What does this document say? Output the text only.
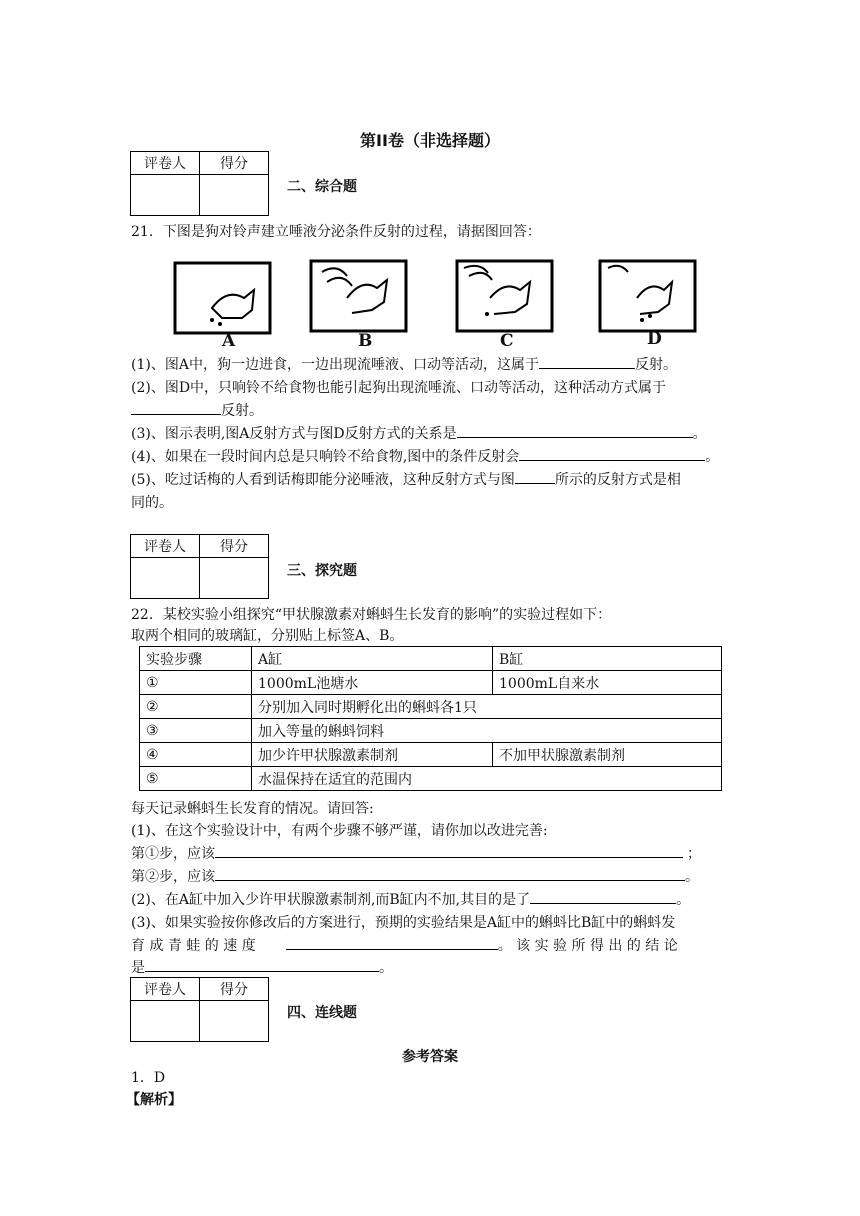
第II卷（非选择题）
评卷人	得分

二、综合题
21．下图是狗对铃声建立唾液分泌条件反射的过程，请据图回答：
A	B	C	D
(1)、图A中，狗一边进食，一边出现流唾液、口动等活动，这属于	反射。
(2)、图D中，只响铃不给食物也能引起狗出现流唾流、口动等活动，这种活动方式属于
反射。
(3)、图示表明,图A反射方式与图D反射方式的关系是	。
(4)、如果在一段时间内总是只响铃不给食物,图中的条件反射会	。
(5)、吃过话梅的人看到话梅即能分泌唾液，这种反射方式与图	所示的反射方式是相
同的。
评卷人	得分

三、探究题
22．某校实验小组探究“甲状腺激素对蝌蚪生长发育的影响”的实验过程如下：
取两个相同的玻璃缸，分别贴上标签A、B。
实验步骤	A缸	B缸
①	1000mL池塘水	1000mL自来水
②	分别加入同时期孵化出的蝌蚪各1只	
③	加入等量的蝌蚪饲料	
④	加少许甲状腺激素制剂	不加甲状腺激素制剂
⑤	水温保持在适宜的范围内	
每天记录蝌蚪生长发育的情况。请回答:
(1)、在这个实验设计中，有两个步骤不够严谨，请你加以改进完善:
第①步，应该	；
第②步，应该	。
(2)、在A缸中加入少许甲状腺激素制剂,而B缸内不加,其目的是了	。
(3)、如果实验按你修改后的方案进行，预期的实验结果是A缸中的蝌蚪比B缸中的蝌蚪发
育 成 青 蛙 的 速 度	。 该 实 验 所 得 出 的 结 论
是	。
评卷人	得分

四、连线题
参考答案
1．D
【解析】
